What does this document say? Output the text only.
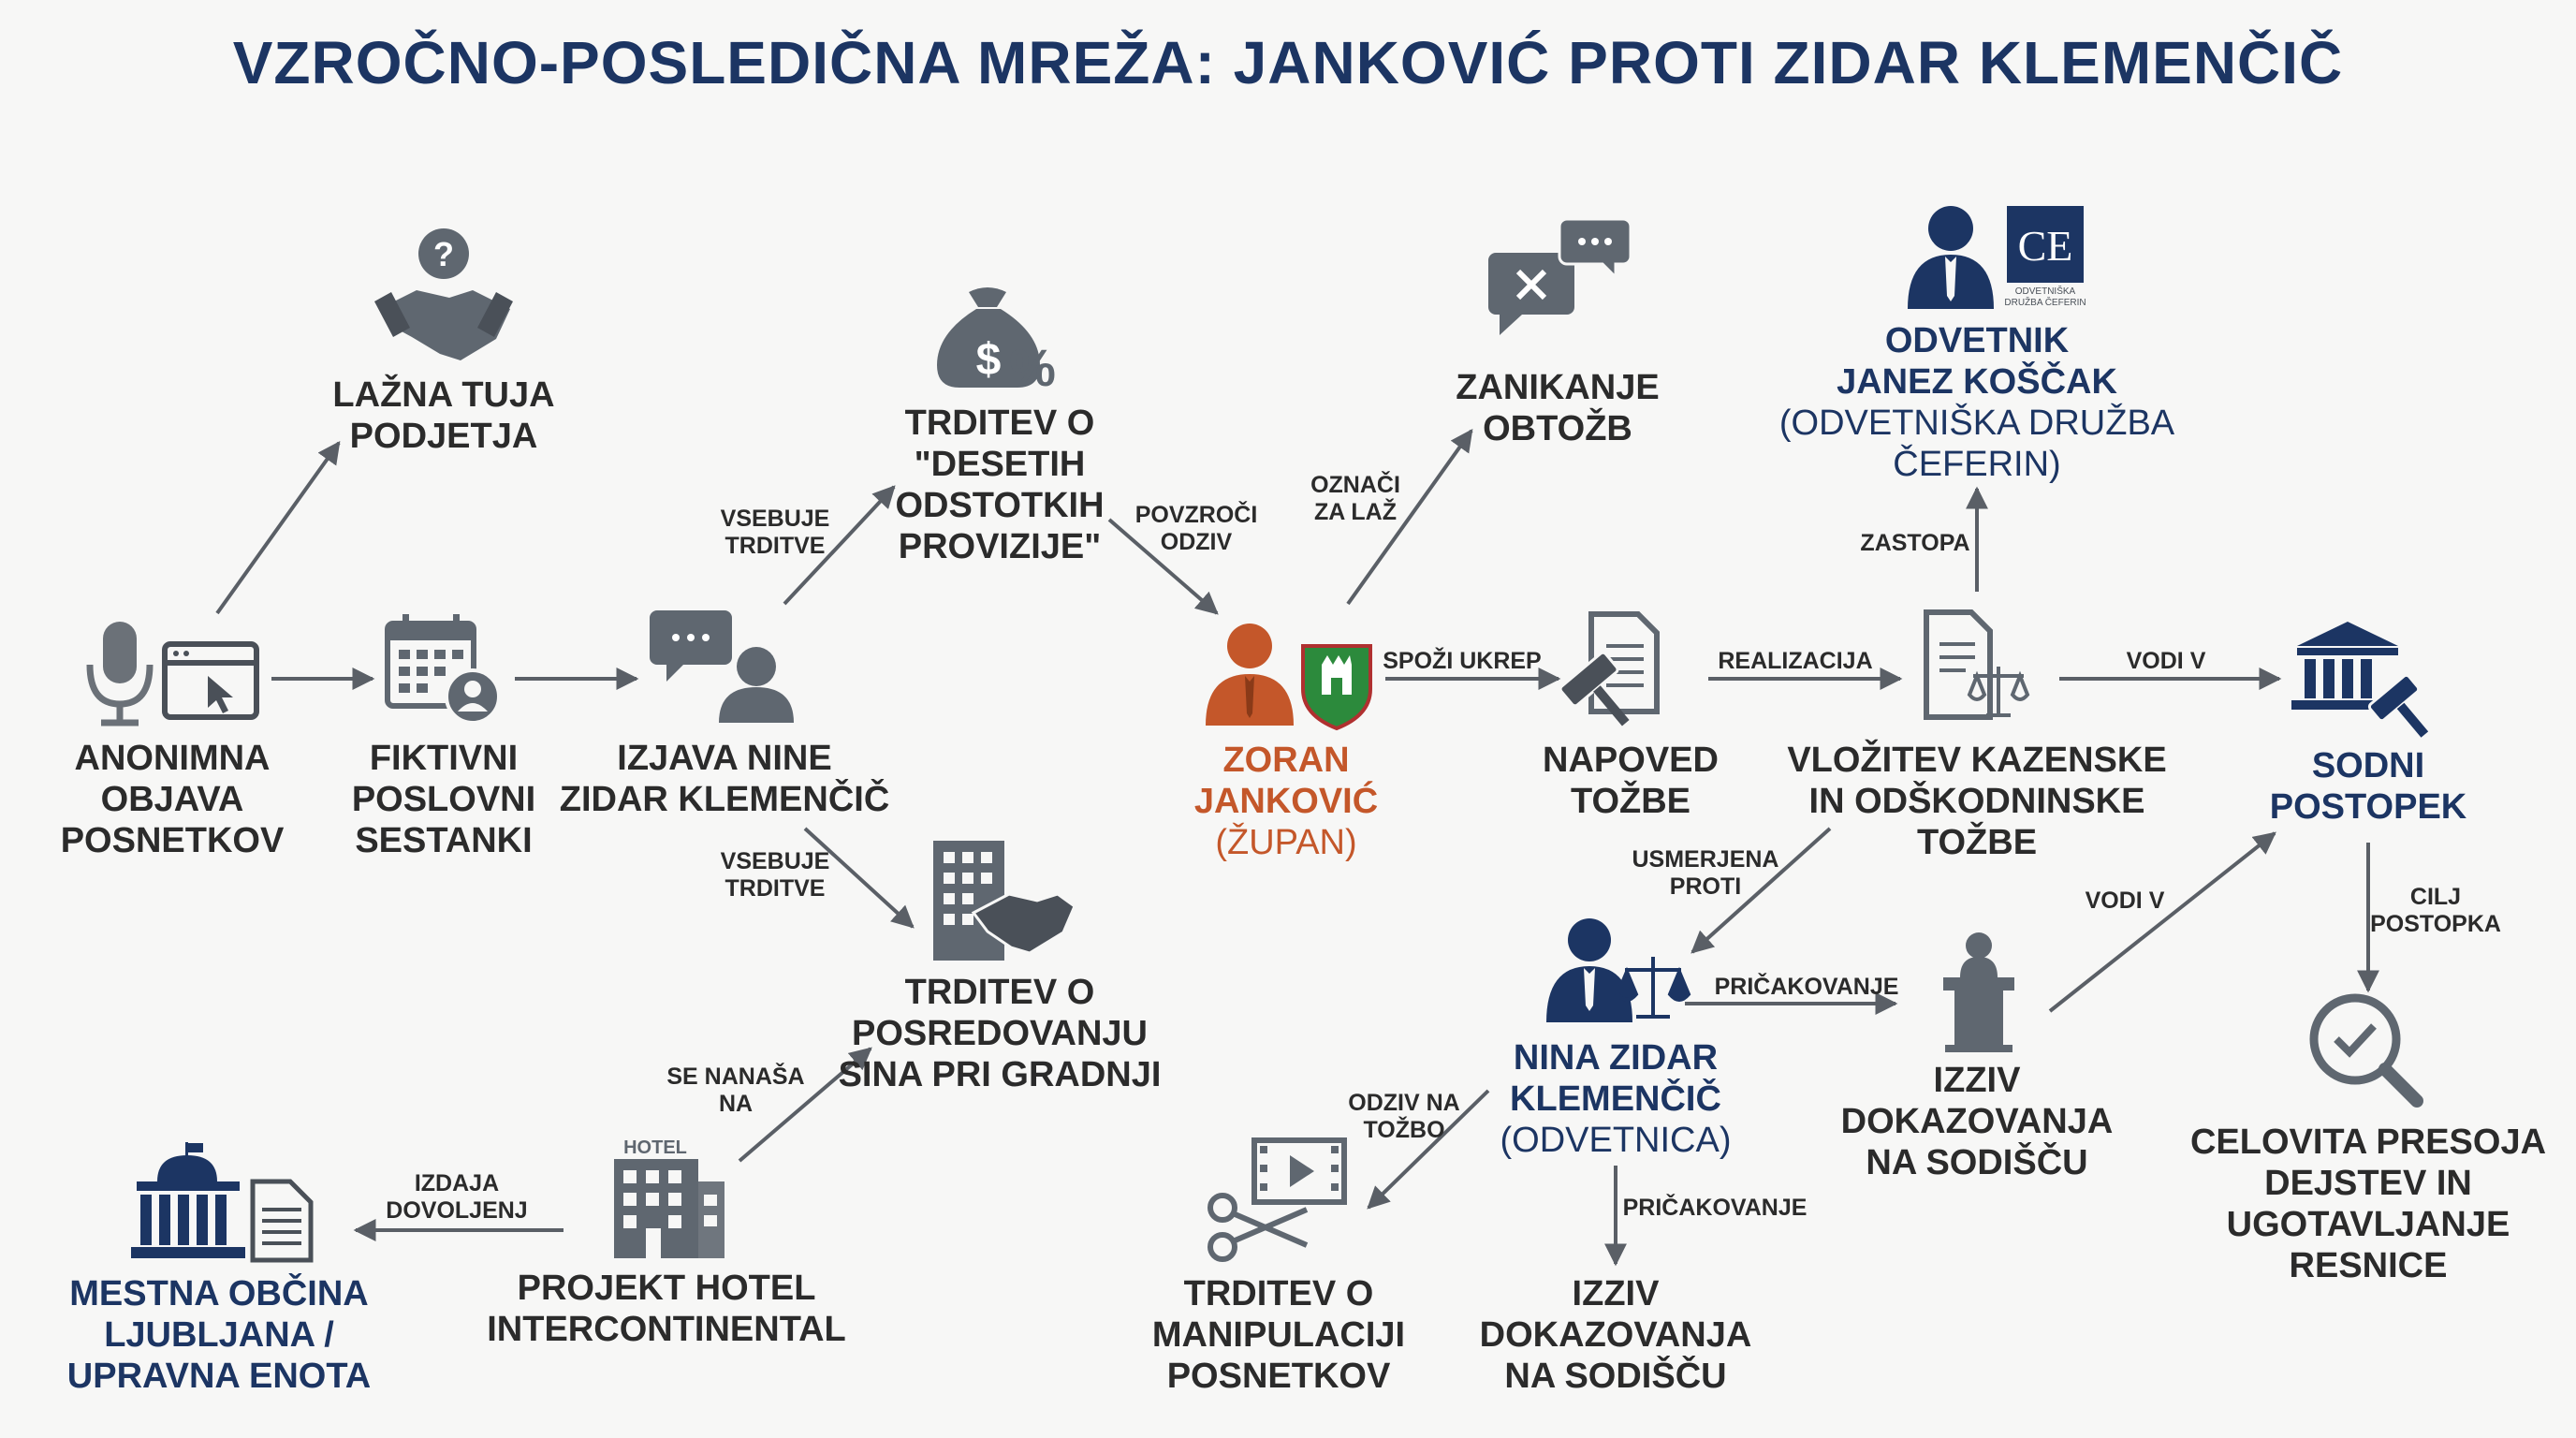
VZROČNO-POSLEDIČNA MREŽA: JANKOVIĆ PROTI ZIDAR KLEMENČIČ
?
$ %
HOTEL
CE
ODVETNIŠKA
DRUŽBA ČEFERIN
ANONIMNA
OBJAVA
POSNETKOV
LAŽNA TUJA
PODJETJA
FIKTIVNI
POSLOVNI
SESTANKI
IZJAVA NINE
ZIDAR KLEMENČIČ
TRDITEV O
"DESETIH
ODSTOTKIH
PROVIZIJE"
TRDITEV O
POSREDOVANJU
SINA PRI GRADNJI
PROJEKT HOTEL
INTERCONTINENTAL
MESTNA OBČINA
LJUBLJANA /
UPRAVNA ENOTA
ZORAN
JANKOVIĆ
(ŽUPAN)
ZANIKANJE
OBTOŽB
ODVETNIK
JANEZ KOŠČAK
(ODVETNIŠKA DRUŽBA
ČEFERIN)
NAPOVED
TOŽBE
VLOŽITEV KAZENSKE
IN ODŠKODNINSKE
TOŽBE
SODNI
POSTOPEK
NINA ZIDAR
KLEMENČIČ
(ODVETNICA)
IZZIV
DOKAZOVANJA
NA SODIŠČU
IZZIV
DOKAZOVANJA
NA SODIŠČU
TRDITEV O
MANIPULACIJI
POSNETKOV
CELOVITA PRESOJA
DEJSTEV IN
UGOTAVLJANJE
RESNICE
VSEBUJE
TRDITVE
VSEBUJE
TRDITVE
POVZROČI
ODZIV
OZNAČI
ZA LAŽ
SPOŽI UKREP	REALIZACIJA	VODI V
ZASTOPA
USMERJENA
PROTI
PRIČAKOVANJE
VODI V	CILJ
POSTOPKA
SE NANAŠA
NA
IZDAJA
DOVOLJENJ
ODZIV NA
TOŽBO
PRIČAKOVANJE
